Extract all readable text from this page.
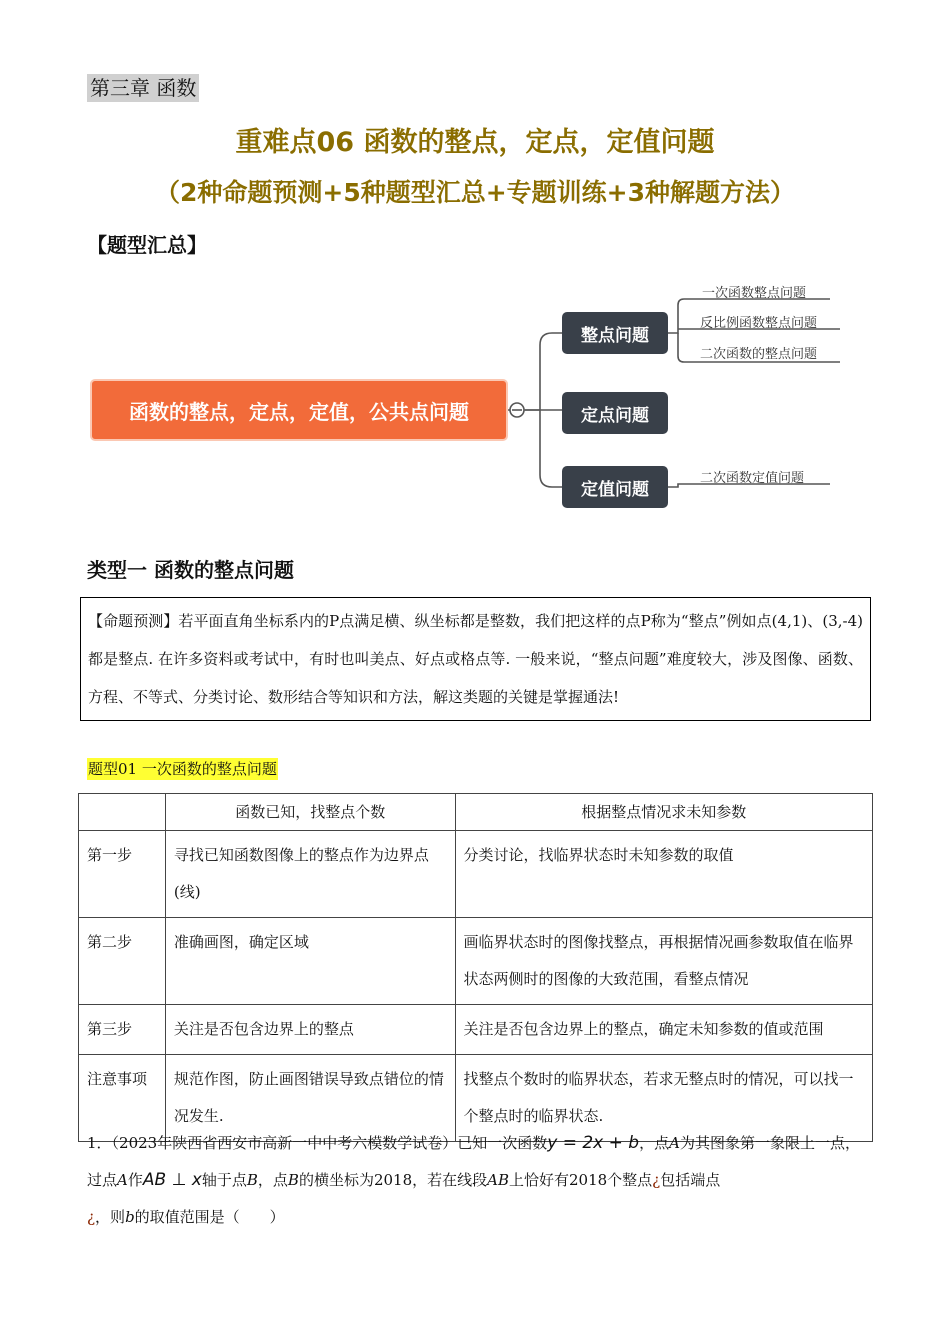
第三章 函数
重难点06 函数的整点，定点，定值问题
（2种命题预测+5种题型汇总+专题训练+3种解题方法）
【题型汇总】
函数的整点，定点，定值，公共点问题
整点问题
定点问题
定值问题
一次函数整点问题
反比例函数整点问题
二次函数的整点问题
二次函数定值问题
类型一 函数的整点问题
【命题预测】若平面直角坐标系内的P点满足横、纵坐标都是整数，我们把这样的点P称为“整点”例如点(4,1)、(3,-4)都是整点. 在许多资料或考试中，有时也叫美点、好点或格点等. 一般来说，“整点问题”难度较大，涉及图像、函数、方程、不等式、分类讨论、数形结合等知识和方法，解这类题的关键是掌握通法!
题型01 一次函数的整点问题
	函数已知，找整点个数	根据整点情况求未知参数
第一步	寻找已知函数图像上的整点作为边界点(线)	分类讨论，找临界状态时未知参数的取值
第二步	准确画图，确定区域	画临界状态时的图像找整点，再根据情况画参数取值在临界状态两侧时的图像的大致范围，看整点情况
第三步	关注是否包含边界上的整点	关注是否包含边界上的整点，确定未知参数的值或范围
注意事项	规范作图，防止画图错误导致点错位的情况发生.	找整点个数时的临界状态，若求无整点时的情况，可以找一个整点时的临界状态.
1．（2023年陕西省西安市高新一中中考六模数学试卷）已知一次函数y = 2x + b，点A为其图象第一象限上一点，过点A作AB ⊥ x轴于点B，点B的横坐标为2018，若在线段AB上恰好有2018个整点¿包括端点
¿，则b的取值范围是（　　）
